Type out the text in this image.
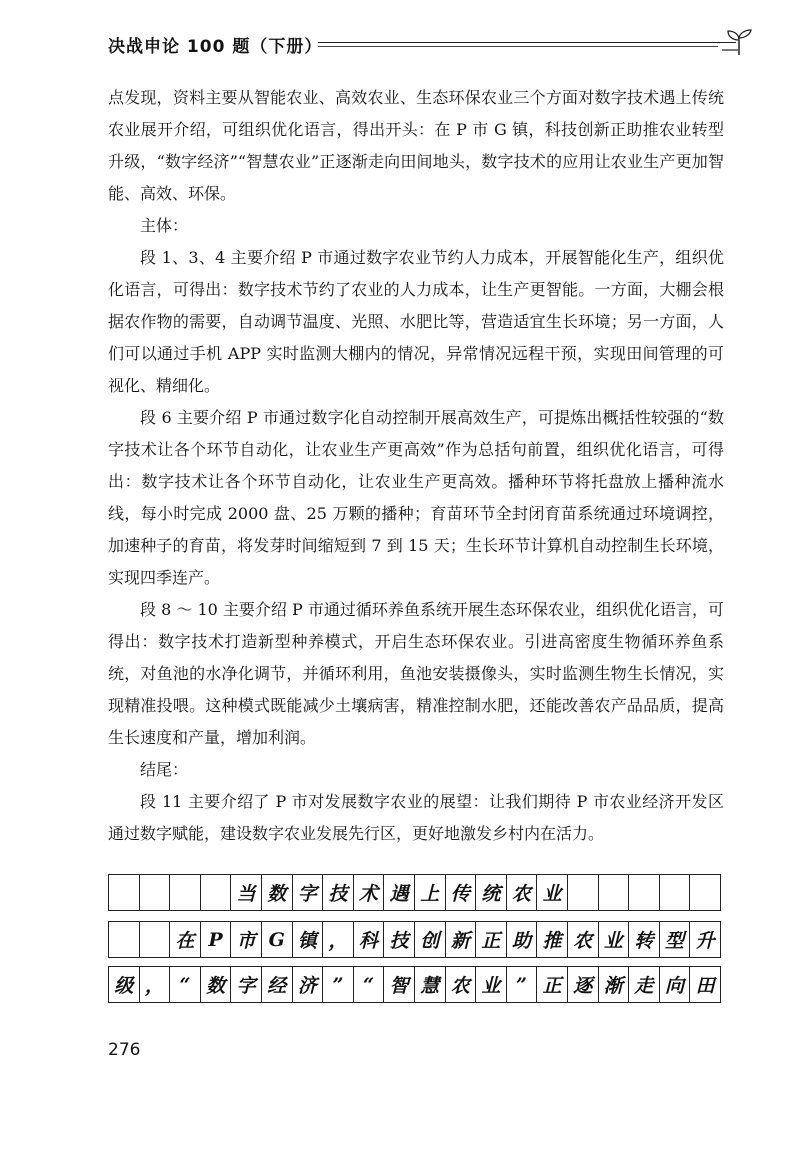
决战申论 100 题（下册）

点发现，资料主要从智能农业、高效农业、生态环保农业三个方面对数字技术遇上传统农业展开介绍，可组织优化语言，得出开头：在 P 市 G 镇，科技创新正助推农业转型升级，“数字经济”“智慧农业”正逐渐走向田间地头，数字技术的应用让农业生产更加智能、高效、环保。

主体：

段 1、3、4 主要介绍 P 市通过数字农业节约人力成本，开展智能化生产，组织优化语言，可得出：数字技术节约了农业的人力成本，让生产更智能。一方面，大棚会根据农作物的需要，自动调节温度、光照、水肥比等，营造适宜生长环境；另一方面，人们可以通过手机 APP 实时监测大棚内的情况，异常情况远程干预，实现田间管理的可视化、精细化。

段 6 主要介绍 P 市通过数字化自动控制开展高效生产，可提炼出概括性较强的“数字技术让各个环节自动化，让农业生产更高效”作为总括句前置，组织优化语言，可得出：数字技术让各个环节自动化，让农业生产更高效。播种环节将托盘放上播种流水线，每小时完成 2000 盘、25 万颗的播种；育苗环节全封闭育苗系统通过环境调控，加速种子的育苗，将发芽时间缩短到 7 到 15 天；生长环节计算机自动控制生长环境，实现四季连产。

段 8 ～ 10 主要介绍 P 市通过循环养鱼系统开展生态环保农业，组织优化语言，可得出：数字技术打造新型种养模式，开启生态环保农业。引进高密度生物循环养鱼系统，对鱼池的水净化调节，并循环利用，鱼池安装摄像头，实时监测生物生长情况，实现精准投喂。这种模式既能减少土壤病害，精准控制水肥，还能改善农产品品质，提高生长速度和产量，增加利润。

结尾：

段 11 主要介绍了 P 市对发展数字农业的展望：让我们期待 P 市农业经济开发区通过数字赋能，建设数字农业发展先行区，更好地激发乡村内在活力。

当 数 字 技 术 遇 上 传 统 农 业
在 P 市 G 镇 ， 科 技 创 新 正 助 推 农 业 转 型 升
级 ， “ 数 字 经 济 ”	“ 智 慧 农 业 ” 正 逐 渐 走 向 田
276
